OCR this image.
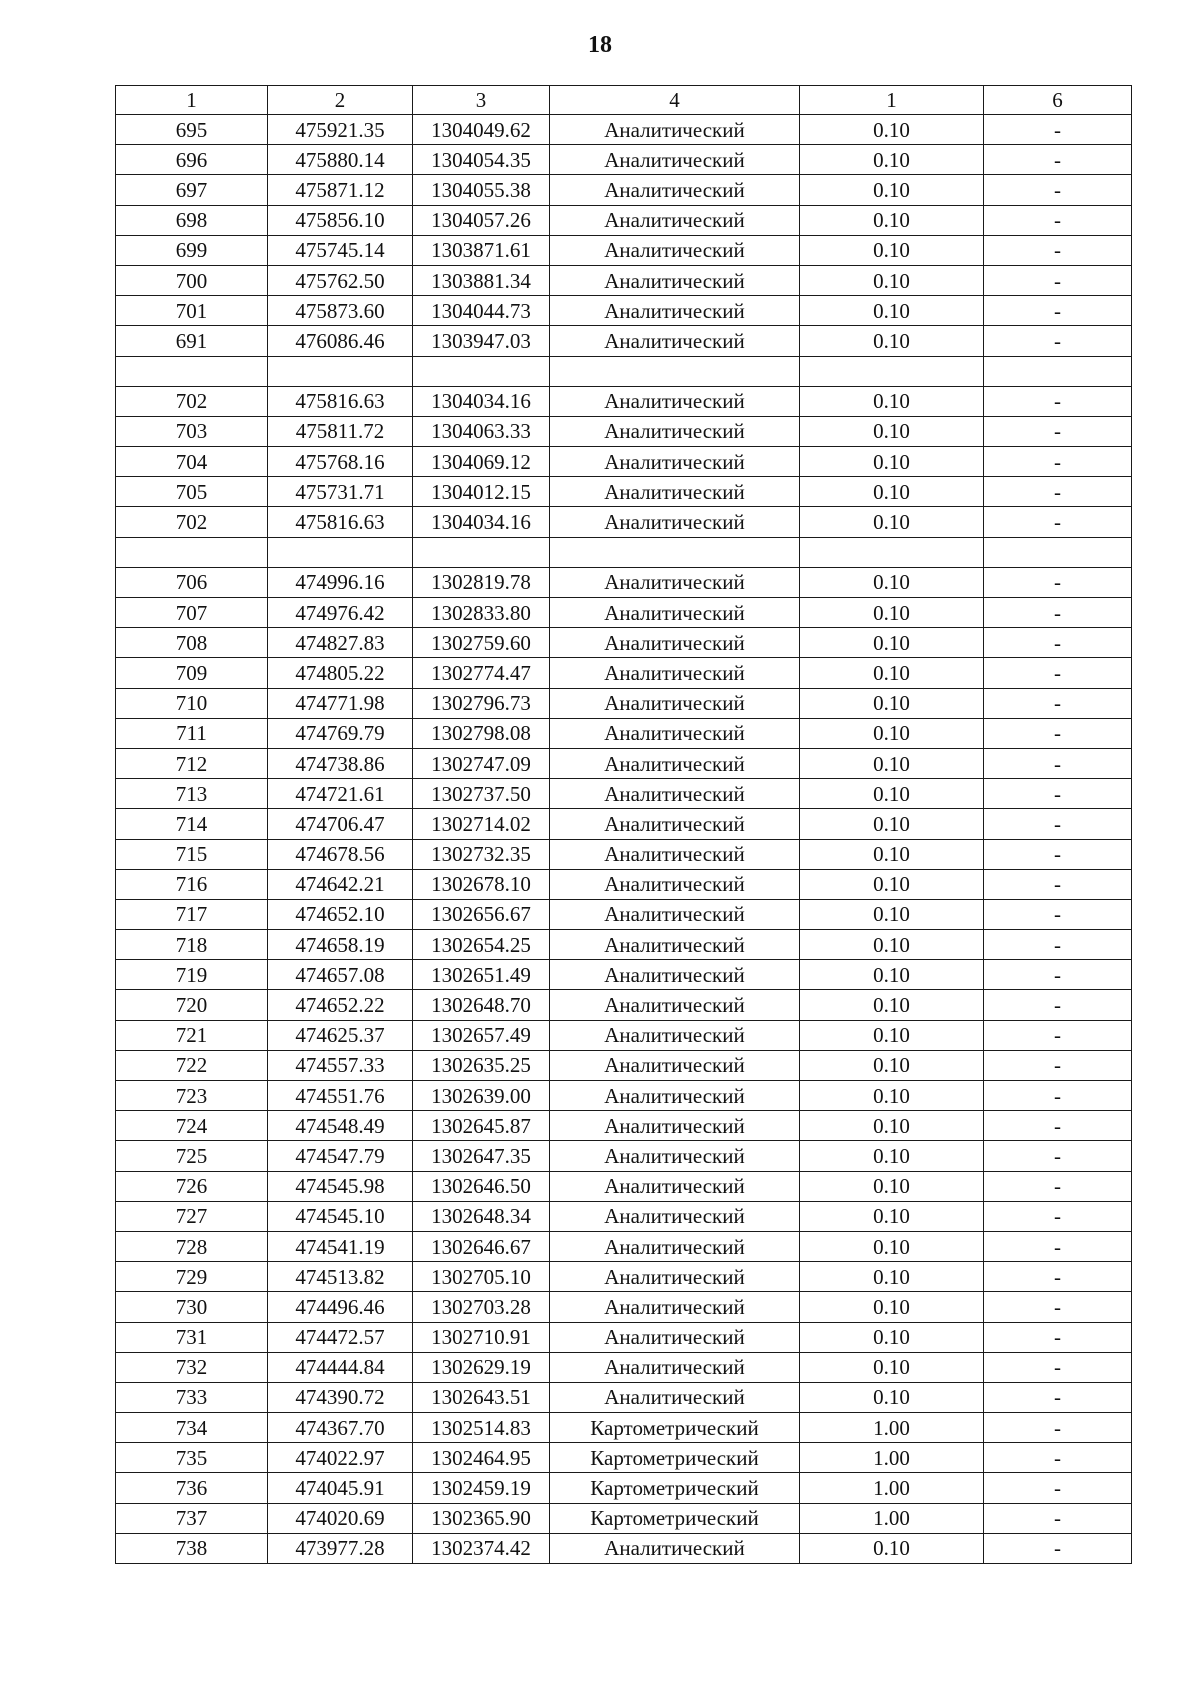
18
1	2	3	4	1	6
695	475921.35	1304049.62	Аналитический	0.10	-
696	475880.14	1304054.35	Аналитический	0.10	-
697	475871.12	1304055.38	Аналитический	0.10	-
698	475856.10	1304057.26	Аналитический	0.10	-
699	475745.14	1303871.61	Аналитический	0.10	-
700	475762.50	1303881.34	Аналитический	0.10	-
701	475873.60	1304044.73	Аналитический	0.10	-
691	476086.46	1303947.03	Аналитический	0.10	-

702	475816.63	1304034.16	Аналитический	0.10	-
703	475811.72	1304063.33	Аналитический	0.10	-
704	475768.16	1304069.12	Аналитический	0.10	-
705	475731.71	1304012.15	Аналитический	0.10	-
702	475816.63	1304034.16	Аналитический	0.10	-

706	474996.16	1302819.78	Аналитический	0.10	-
707	474976.42	1302833.80	Аналитический	0.10	-
708	474827.83	1302759.60	Аналитический	0.10	-
709	474805.22	1302774.47	Аналитический	0.10	-
710	474771.98	1302796.73	Аналитический	0.10	-
711	474769.79	1302798.08	Аналитический	0.10	-
712	474738.86	1302747.09	Аналитический	0.10	-
713	474721.61	1302737.50	Аналитический	0.10	-
714	474706.47	1302714.02	Аналитический	0.10	-
715	474678.56	1302732.35	Аналитический	0.10	-
716	474642.21	1302678.10	Аналитический	0.10	-
717	474652.10	1302656.67	Аналитический	0.10	-
718	474658.19	1302654.25	Аналитический	0.10	-
719	474657.08	1302651.49	Аналитический	0.10	-
720	474652.22	1302648.70	Аналитический	0.10	-
721	474625.37	1302657.49	Аналитический	0.10	-
722	474557.33	1302635.25	Аналитический	0.10	-
723	474551.76	1302639.00	Аналитический	0.10	-
724	474548.49	1302645.87	Аналитический	0.10	-
725	474547.79	1302647.35	Аналитический	0.10	-
726	474545.98	1302646.50	Аналитический	0.10	-
727	474545.10	1302648.34	Аналитический	0.10	-
728	474541.19	1302646.67	Аналитический	0.10	-
729	474513.82	1302705.10	Аналитический	0.10	-
730	474496.46	1302703.28	Аналитический	0.10	-
731	474472.57	1302710.91	Аналитический	0.10	-
732	474444.84	1302629.19	Аналитический	0.10	-
733	474390.72	1302643.51	Аналитический	0.10	-
734	474367.70	1302514.83	Картометрический	1.00	-
735	474022.97	1302464.95	Картометрический	1.00	-
736	474045.91	1302459.19	Картометрический	1.00	-
737	474020.69	1302365.90	Картометрический	1.00	-
738	473977.28	1302374.42	Аналитический	0.10	-
